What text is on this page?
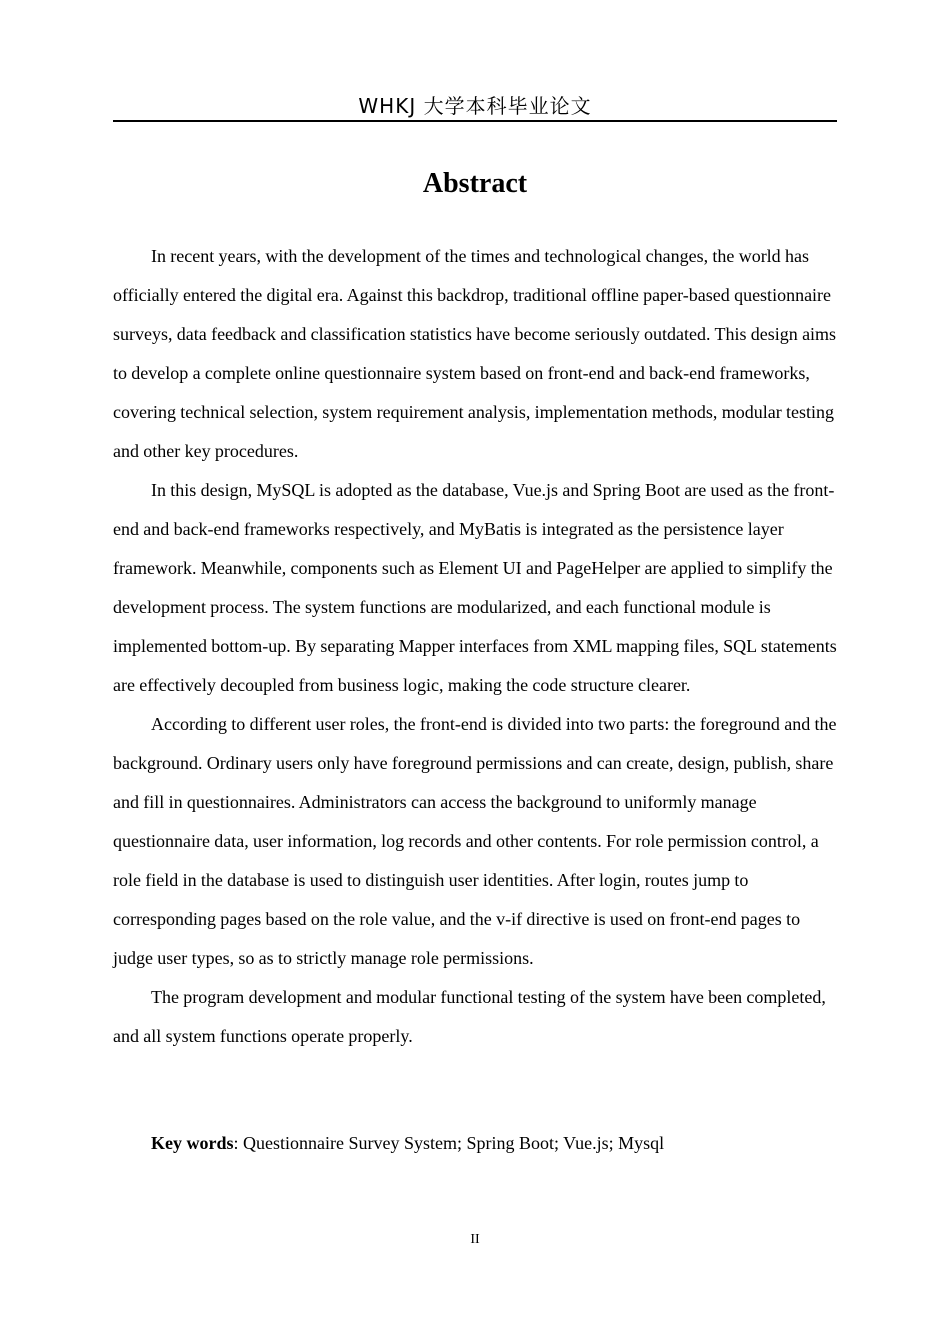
WHKJ 大学本科毕业论文
Abstract

In recent years, with the development of the times and technological changes, the world has officially entered the digital era. Against this backdrop, traditional offline paper-based questionnaire surveys, data feedback and classification statistics have become seriously outdated. This design aims to develop a complete online questionnaire system based on front-end and back-end frameworks, covering technical selection, system requirement analysis, implementation methods, modular testing and other key procedures.

In this design, MySQL is adopted as the database, Vue.js and Spring Boot are used as the front-end and back-end frameworks respectively, and MyBatis is integrated as the persistence layer framework. Meanwhile, components such as Element UI and PageHelper are applied to simplify the development process. The system functions are modularized, and each functional module is implemented bottom-up. By separating Mapper interfaces from XML mapping files, SQL statements are effectively decoupled from business logic, making the code structure clearer.

According to different user roles, the front-end is divided into two parts: the foreground and the background. Ordinary users only have foreground permissions and can create, design, publish, share and fill in questionnaires. Administrators can access the background to uniformly manage questionnaire data, user information, log records and other contents. For role permission control, a role field in the database is used to distinguish user identities. After login, routes jump to corresponding pages based on the role value, and the v-if directive is used on front-end pages to judge user types, so as to strictly manage role permissions.

The program development and modular functional testing of the system have been completed, and all system functions operate properly.

Key words: Questionnaire Survey System; Spring Boot; Vue.js; Mysql

II
